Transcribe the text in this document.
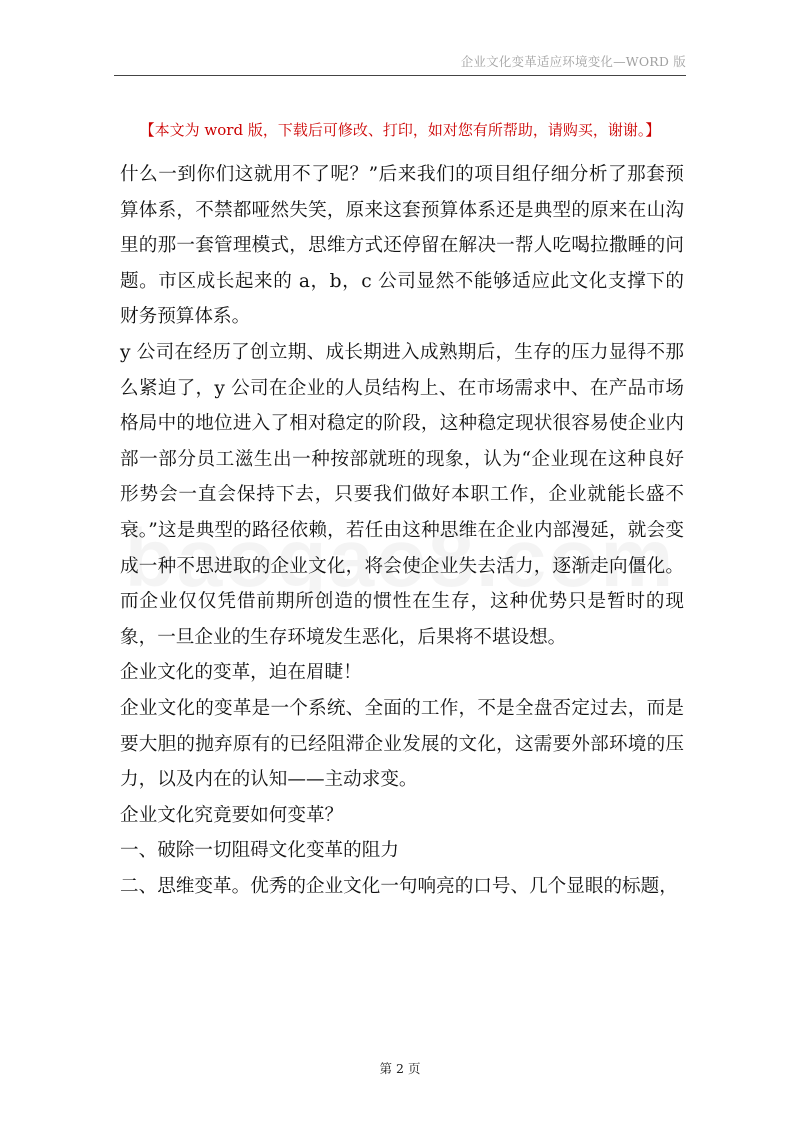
企业文化变革适应环境变化—WORD 版
【本文为 word 版，下载后可修改、打印，如对您有所帮助，请购买，谢谢。】

什么一到你们这就用不了呢？”后来我们的项目组仔细分析了那套预算体系，不禁都哑然失笑，原来这套预算体系还是典型的原来在山沟里的那一套管理模式，思维方式还停留在解决一帮人吃喝拉撒睡的问题。市区成长起来的 a，b，c 公司显然不能够适应此文化支撑下的财务预算体系。

y 公司在经历了创立期、成长期进入成熟期后，生存的压力显得不那么紧迫了，y 公司在企业的人员结构上、在市场需求中、在产品市场格局中的地位进入了相对稳定的阶段，这种稳定现状很容易使企业内部一部分员工滋生出一种按部就班的现象，认为“企业现在这种良好形势会一直会保持下去，只要我们做好本职工作，企业就能长盛不衰。”这是典型的路径依赖，若任由这种思维在企业内部漫延，就会变成一种不思进取的企业文化，将会使企业失去活力，逐渐走向僵化。而企业仅仅凭借前期所创造的惯性在生存，这种优势只是暂时的现象，一旦企业的生存环境发生恶化，后果将不堪设想。

企业文化的变革，迫在眉睫！

企业文化的变革是一个系统、全面的工作，不是全盘否定过去，而是要大胆的抛弃原有的已经阻滞企业发展的文化，这需要外部环境的压力，以及内在的认知——主动求变。

企业文化究竟要如何变革？

一、破除一切阻碍文化变革的阻力

二、思维变革。优秀的企业文化一句响亮的口号、几个显眼的标题，

第 2 页
